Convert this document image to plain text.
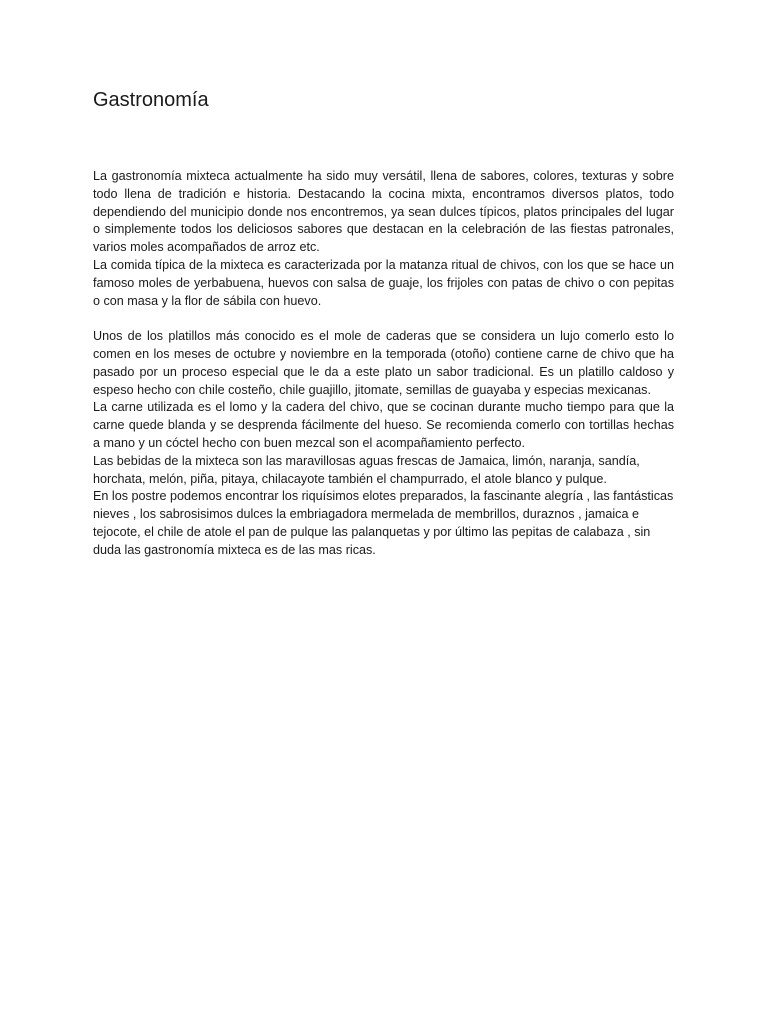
Gastronomía

La gastronomía mixteca actualmente ha sido muy versátil, llena de sabores, colores, texturas y sobre todo llena de tradición e historia. Destacando la cocina mixta, encontramos diversos platos, todo dependiendo del municipio donde nos encontremos, ya sean dulces típicos, platos principales del lugar o simplemente todos los deliciosos sabores que destacan en la celebración de las fiestas patronales, varios moles acompañados de arroz etc.

La comida típica de la mixteca es caracterizada por la matanza ritual de chivos, con los que se hace un famoso moles de yerbabuena, huevos con salsa de guaje, los frijoles con patas de chivo o con pepitas o con masa y la flor de sábila con huevo.

Unos de los platillos más conocido es el mole de caderas que se considera un lujo comerlo esto lo comen en los meses de octubre y noviembre en la temporada (otoño) contiene carne de chivo que ha pasado por un proceso especial que le da a este plato un sabor tradicional. Es un platillo caldoso y espeso hecho con chile costeño, chile guajillo, jitomate, semillas de guayaba y especias mexicanas.

La carne utilizada es el lomo y la cadera del chivo, que se cocinan durante mucho tiempo para que la carne quede blanda y se desprenda fácilmente del hueso. Se recomienda comerlo con tortillas hechas a mano y un cóctel hecho con buen mezcal son el acompañamiento perfecto.

Las bebidas de la mixteca son las maravillosas aguas frescas de Jamaica, limón, naranja, sandía, horchata, melón, piña, pitaya, chilacayote también el champurrado, el atole blanco y pulque.

En los postre podemos encontrar los riquísimos elotes preparados, la fascinante alegría , las fantásticas nieves , los sabrosisimos dulces la embriagadora mermelada de membrillos, duraznos , jamaica e tejocote, el chile de atole el pan de pulque las palanquetas y por último las pepitas de calabaza , sin duda las gastronomía mixteca es de las mas ricas.
